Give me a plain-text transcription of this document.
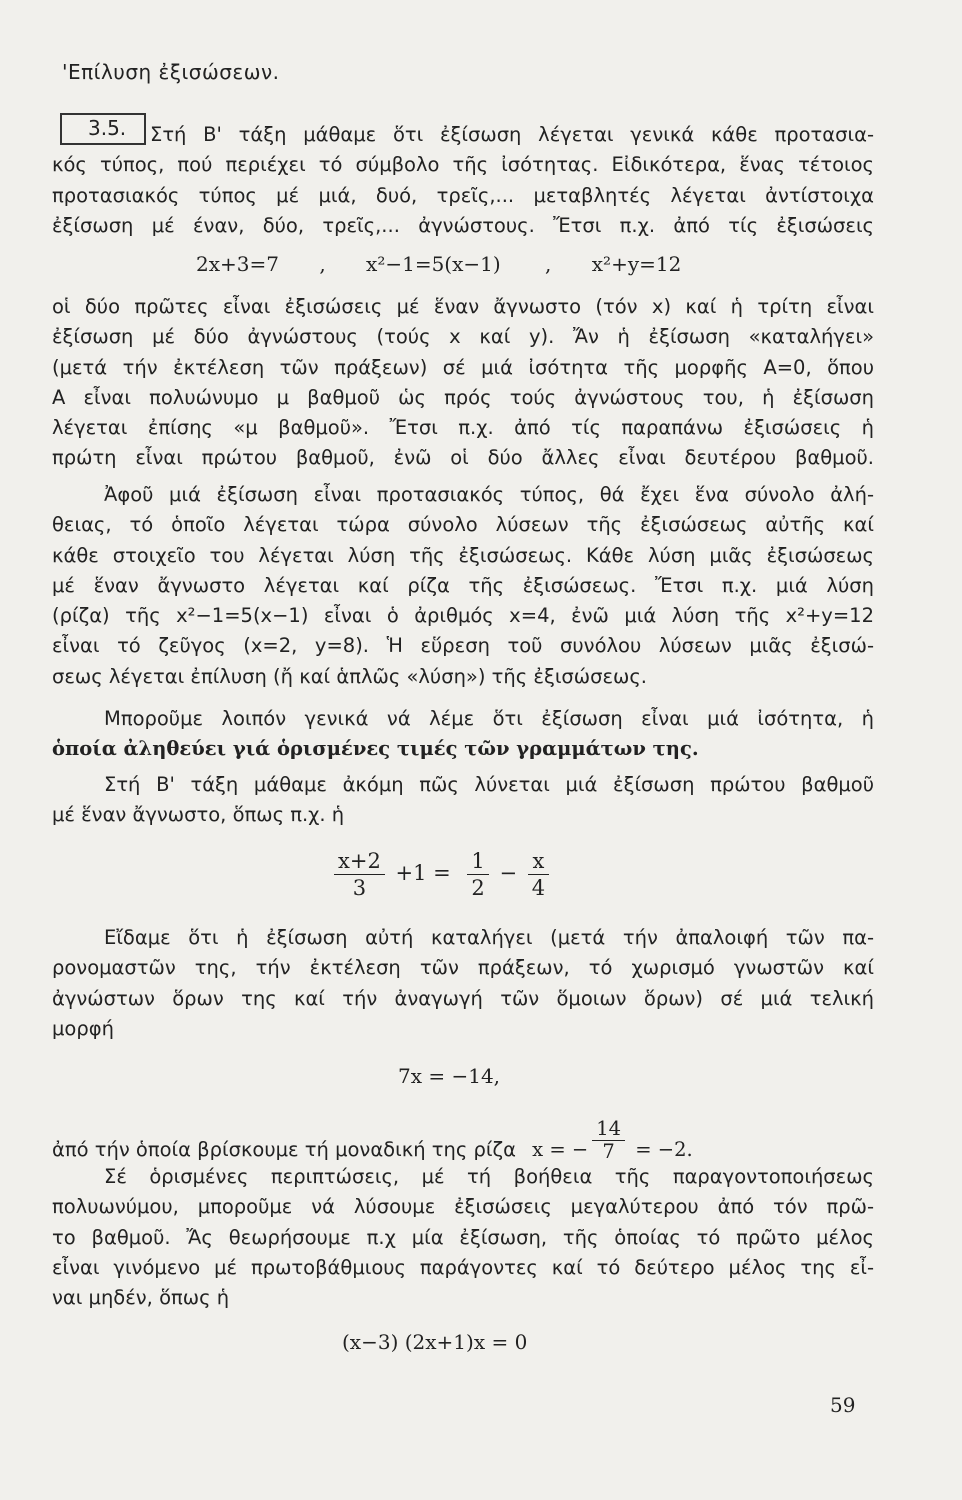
'Επίλυση ἐξισώσεων.
3.5.	Στή Β' τάξη μάθαμε ὅτι ἐξίσωση λέγεται γενικά κάθε προτασια-
κός τύπος, πού περιέχει τό σύμβολο τῆς ἰσότητας. Εἰδικότερα, ἕνας τέτοιος
προτασιακός τύπος μέ μιά, δυό, τρεῖς,... μεταβλητές λέγεται ἀντίστοιχα
ἐξίσωση μέ έναν, δύο, τρεῖς,... ἀγνώστους. Ἔτσι π.χ. ἀπό τίς ἐξισώσεις
2x+3=7 , x²−1=5(x−1) , x²+y=12
οἱ δύο πρῶτες εἶναι ἐξισώσεις μέ ἕναν ἄγνωστο (τόν x) καί ἡ τρίτη εἶναι
ἐξίσωση μέ δύο ἀγνώστους (τούς x καί y). Ἄν ἡ ἐξίσωση «καταλήγει»
(μετά τήν ἐκτέλεση τῶν πράξεων) σέ μιά ἰσότητα τῆς μορφῆς A=0, ὅπου
A εἶναι πολυώνυμο μ βαθμοῦ ὡς πρός τούς ἀγνώστους του, ἡ ἐξίσωση
λέγεται ἐπίσης «μ βαθμοῦ». Ἔτσι π.χ. ἀπό τίς παραπάνω ἐξισώσεις ἡ
πρώτη εἶναι πρώτου βαθμοῦ, ἐνῶ οἱ δύο ἄλλες εἶναι δευτέρου βαθμοῦ.
Ἀφοῦ μιά ἐξίσωση εἶναι προτασιακός τύπος, θά ἔχει ἕνα σύνολο ἀλή-
θειας, τό ὁποῖο λέγεται τώρα σύνολο λύσεων τῆς ἐξισώσεως αὐτῆς καί
κάθε στοιχεῖο του λέγεται λύση τῆς ἐξισώσεως. Κάθε λύση μιᾶς ἐξισώσεως
μέ ἕναν ἄγνωστο λέγεται καί ρίζα τῆς ἐξισώσεως. Ἔτσι π.χ. μιά λύση
(ρίζα) τῆς x²−1=5(x−1) εἶναι ὁ ἀριθμός x=4, ἐνῶ μιά λύση τῆς x²+y=12
εἶναι τό ζεῦγος (x=2, y=8). Ἡ εὕρεση τοῦ συνόλου λύσεων μιᾶς ἐξισώ-
σεως λέγεται ἐπίλυση (ἤ καί ἁπλῶς «λύση») τῆς ἐξισώσεως.
Μποροῦμε λοιπόν γενικά νά λέμε ὅτι ἐξίσωση εἶναι μιά ἰσότητα, ἡ
ὁποία ἀληθεύει γιά ὁρισμένες τιμές τῶν γραμμάτων της.
Στή Β' τάξη μάθαμε ἀκόμη πῶς λύνεται μιά ἐξίσωση πρώτου βαθμοῦ
μέ ἕναν ἄγνωστο, ὅπως π.χ. ἡ
$\frac{x+2}{3} +1 = \frac{1}{2} - \frac{x}{4}$
Εἴδαμε ὅτι ἡ ἐξίσωση αὐτή καταλήγει (μετά τήν ἀπαλοιφή τῶν πα-
ρονομαστῶν της, τήν ἐκτέλεση τῶν πράξεων, τό χωρισμό γνωστῶν καί
ἀγνώστων ὅρων της καί τήν ἀναγωγή τῶν ὅμοιων ὅρων) σέ μιά τελική
μορφή
7x = −14,
ἀπό τήν ὁποία βρίσκουμε τή μοναδική της ρίζα x = − $\frac{14}{7} = -2$.
Σέ ὁρισμένες περιπτώσεις, μέ τή βοήθεια τῆς παραγοντοποιήσεως
πολυωνύμου, μποροῦμε νά λύσουμε ἐξισώσεις μεγαλύτερου ἀπό τόν πρῶ-
το βαθμοῦ. Ἄς θεωρήσουμε π.χ μία ἐξίσωση, τῆς ὁποίας τό πρῶτο μέλος
εἶναι γινόμενο μέ πρωτοβάθμιους παράγοντες καί τό δεύτερο μέλος της εἶ-
ναι μηδέν, ὅπως ἡ
(x−3) (2x+1)x = 0
59
